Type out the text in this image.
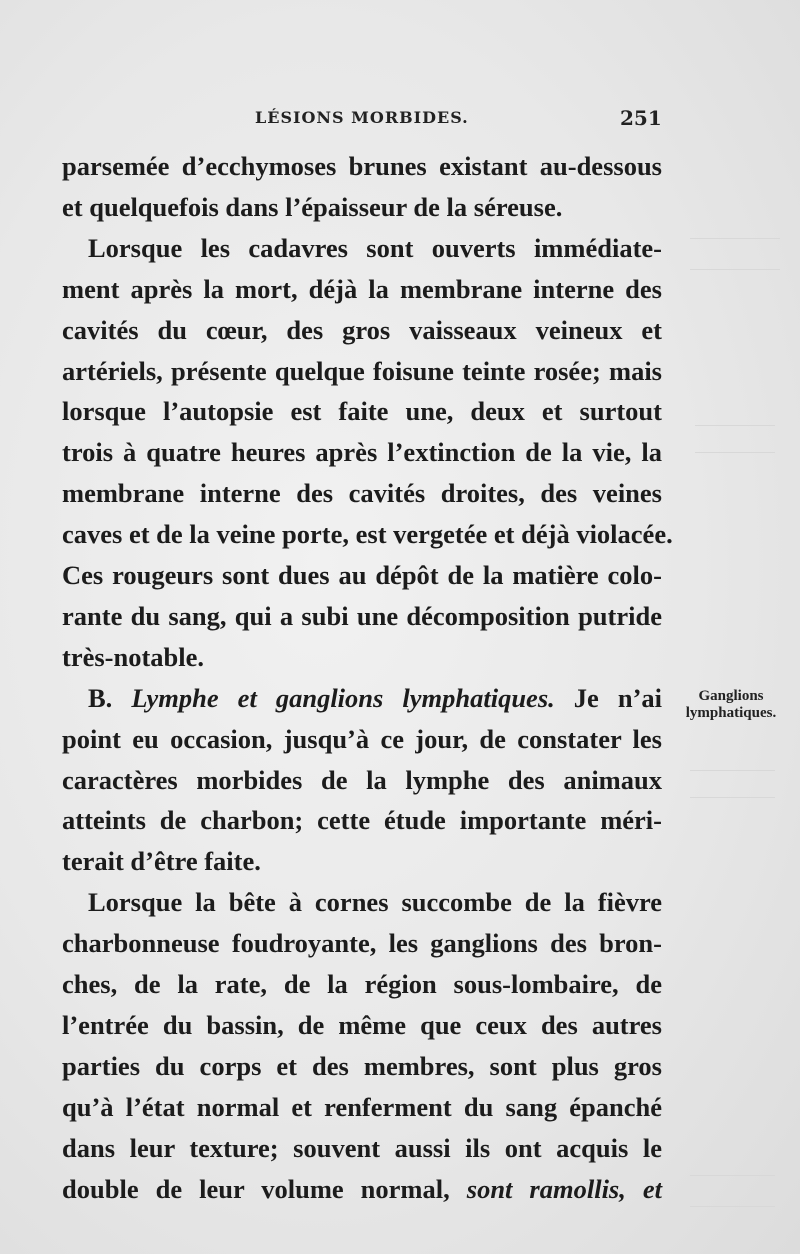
LÉSIONS MORBIDES.	251
parsemée d’ecchymoses brunes existant au-dessous
et quelquefois dans l’épaisseur de la séreuse.
Lorsque les cadavres sont ouverts immédiate-
ment après la mort, déjà la membrane interne des
cavités du cœur, des gros vaisseaux veineux et
artériels, présente quelque foisune teinte rosée; mais
lorsque l’autopsie est faite une, deux et surtout
trois à quatre heures après l’extinction de la vie, la
membrane interne des cavités droites, des veines
caves et de la veine porte, est vergetée et déjà violacée.
Ces rougeurs sont dues au dépôt de la matière colo-
rante du sang, qui a subi une décomposition putride
très-notable.
B. Lymphe et ganglions lymphatiques. Je n’ai
point eu occasion, jusqu’à ce jour, de constater les
caractères morbides de la lymphe des animaux
atteints de charbon; cette étude importante méri-
terait d’être faite.
Lorsque la bête à cornes succombe de la fièvre
charbonneuse foudroyante, les ganglions des bron-
ches, de la rate, de la région sous-lombaire, de
l’entrée du bassin, de même que ceux des autres
parties du corps et des membres, sont plus gros
qu’à l’état normal et renferment du sang épanché
dans leur texture; souvent aussi ils ont acquis le
double de leur volume normal, sont ramollis, et
Ganglions
lymphatiques.
